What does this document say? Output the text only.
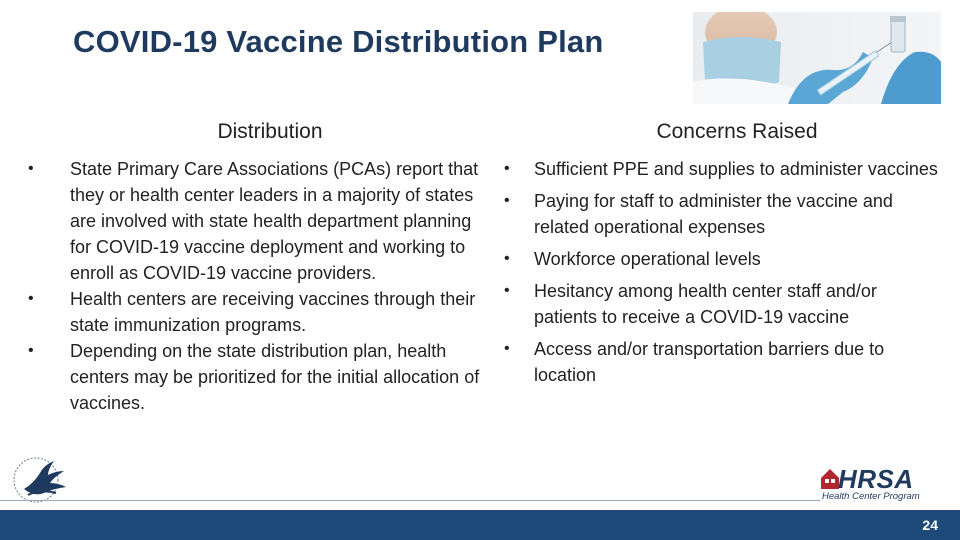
COVID-19 Vaccine Distribution Plan
Distribution
• State Primary Care Associations (PCAs) report that they or health center leaders in a majority of states are involved with state health department planning for COVID-19 vaccine deployment and working to enroll as COVID-19 vaccine providers.
• Health centers are receiving vaccines through their state immunization programs.
• Depending on the state distribution plan, health centers may be prioritized for the initial allocation of vaccines.
Concerns Raised
• Sufficient PPE and supplies to administer vaccines
• Paying for staff to administer the vaccine and related operational expenses
• Workforce operational levels
• Hesitancy among health center staff and/or patients to receive a COVID-19 vaccine
• Access and/or transportation barriers due to location
HRSA
Health Center Program
24
